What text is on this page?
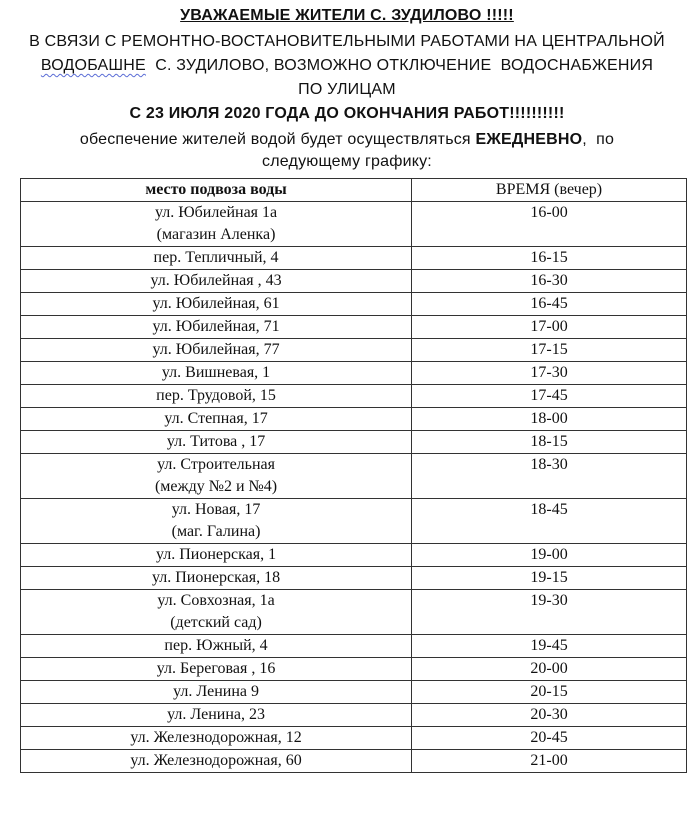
УВАЖАЕМЫЕ ЖИТЕЛИ С. ЗУДИЛОВО !!!!!
В СВЯЗИ С РЕМОНТНО-ВОСТАНОВИТЕЛЬНЫМИ РАБОТАМИ НА ЦЕНТРАЛЬНОЙ
ВОДОБАШНЕ  С. ЗУДИЛОВО, ВОЗМОЖНО ОТКЛЮЧЕНИЕ  ВОДОСНАБЖЕНИЯ
ПО УЛИЦАМ
С 23 ИЮЛЯ 2020 ГОДА ДО ОКОНЧАНИЯ РАБОТ!!!!!!!!!!
обеспечение жителей водой будет осуществляться ЕЖЕДНЕВНО,  по
следующему графику:
место подвоза воды	ВРЕМЯ (вечер)

ул. Юбилейная 1а
(магазин Аленка)	16-00

пер. Тепличный, 4	16-15

ул. Юбилейная , 43	16-30

ул. Юбилейная, 61	16-45

ул. Юбилейная, 71	17-00

ул. Юбилейная, 77	17-15

ул. Вишневая, 1	17-30

пер. Трудовой, 15	17-45

ул. Степная, 17	18-00

ул. Титова , 17	18-15

ул. Строительная
(между №2 и №4)	18-30

ул. Новая, 17
(маг. Галина)	18-45

ул. Пионерская, 1	19-00

ул. Пионерская, 18	19-15

ул. Совхозная, 1а
(детский сад)	19-30

пер. Южный, 4	19-45

ул. Береговая , 16	20-00

ул. Ленина 9	20-15

ул. Ленина, 23	20-30

ул. Железнодорожная, 12	20-45

ул. Железнодорожная, 60	21-00
